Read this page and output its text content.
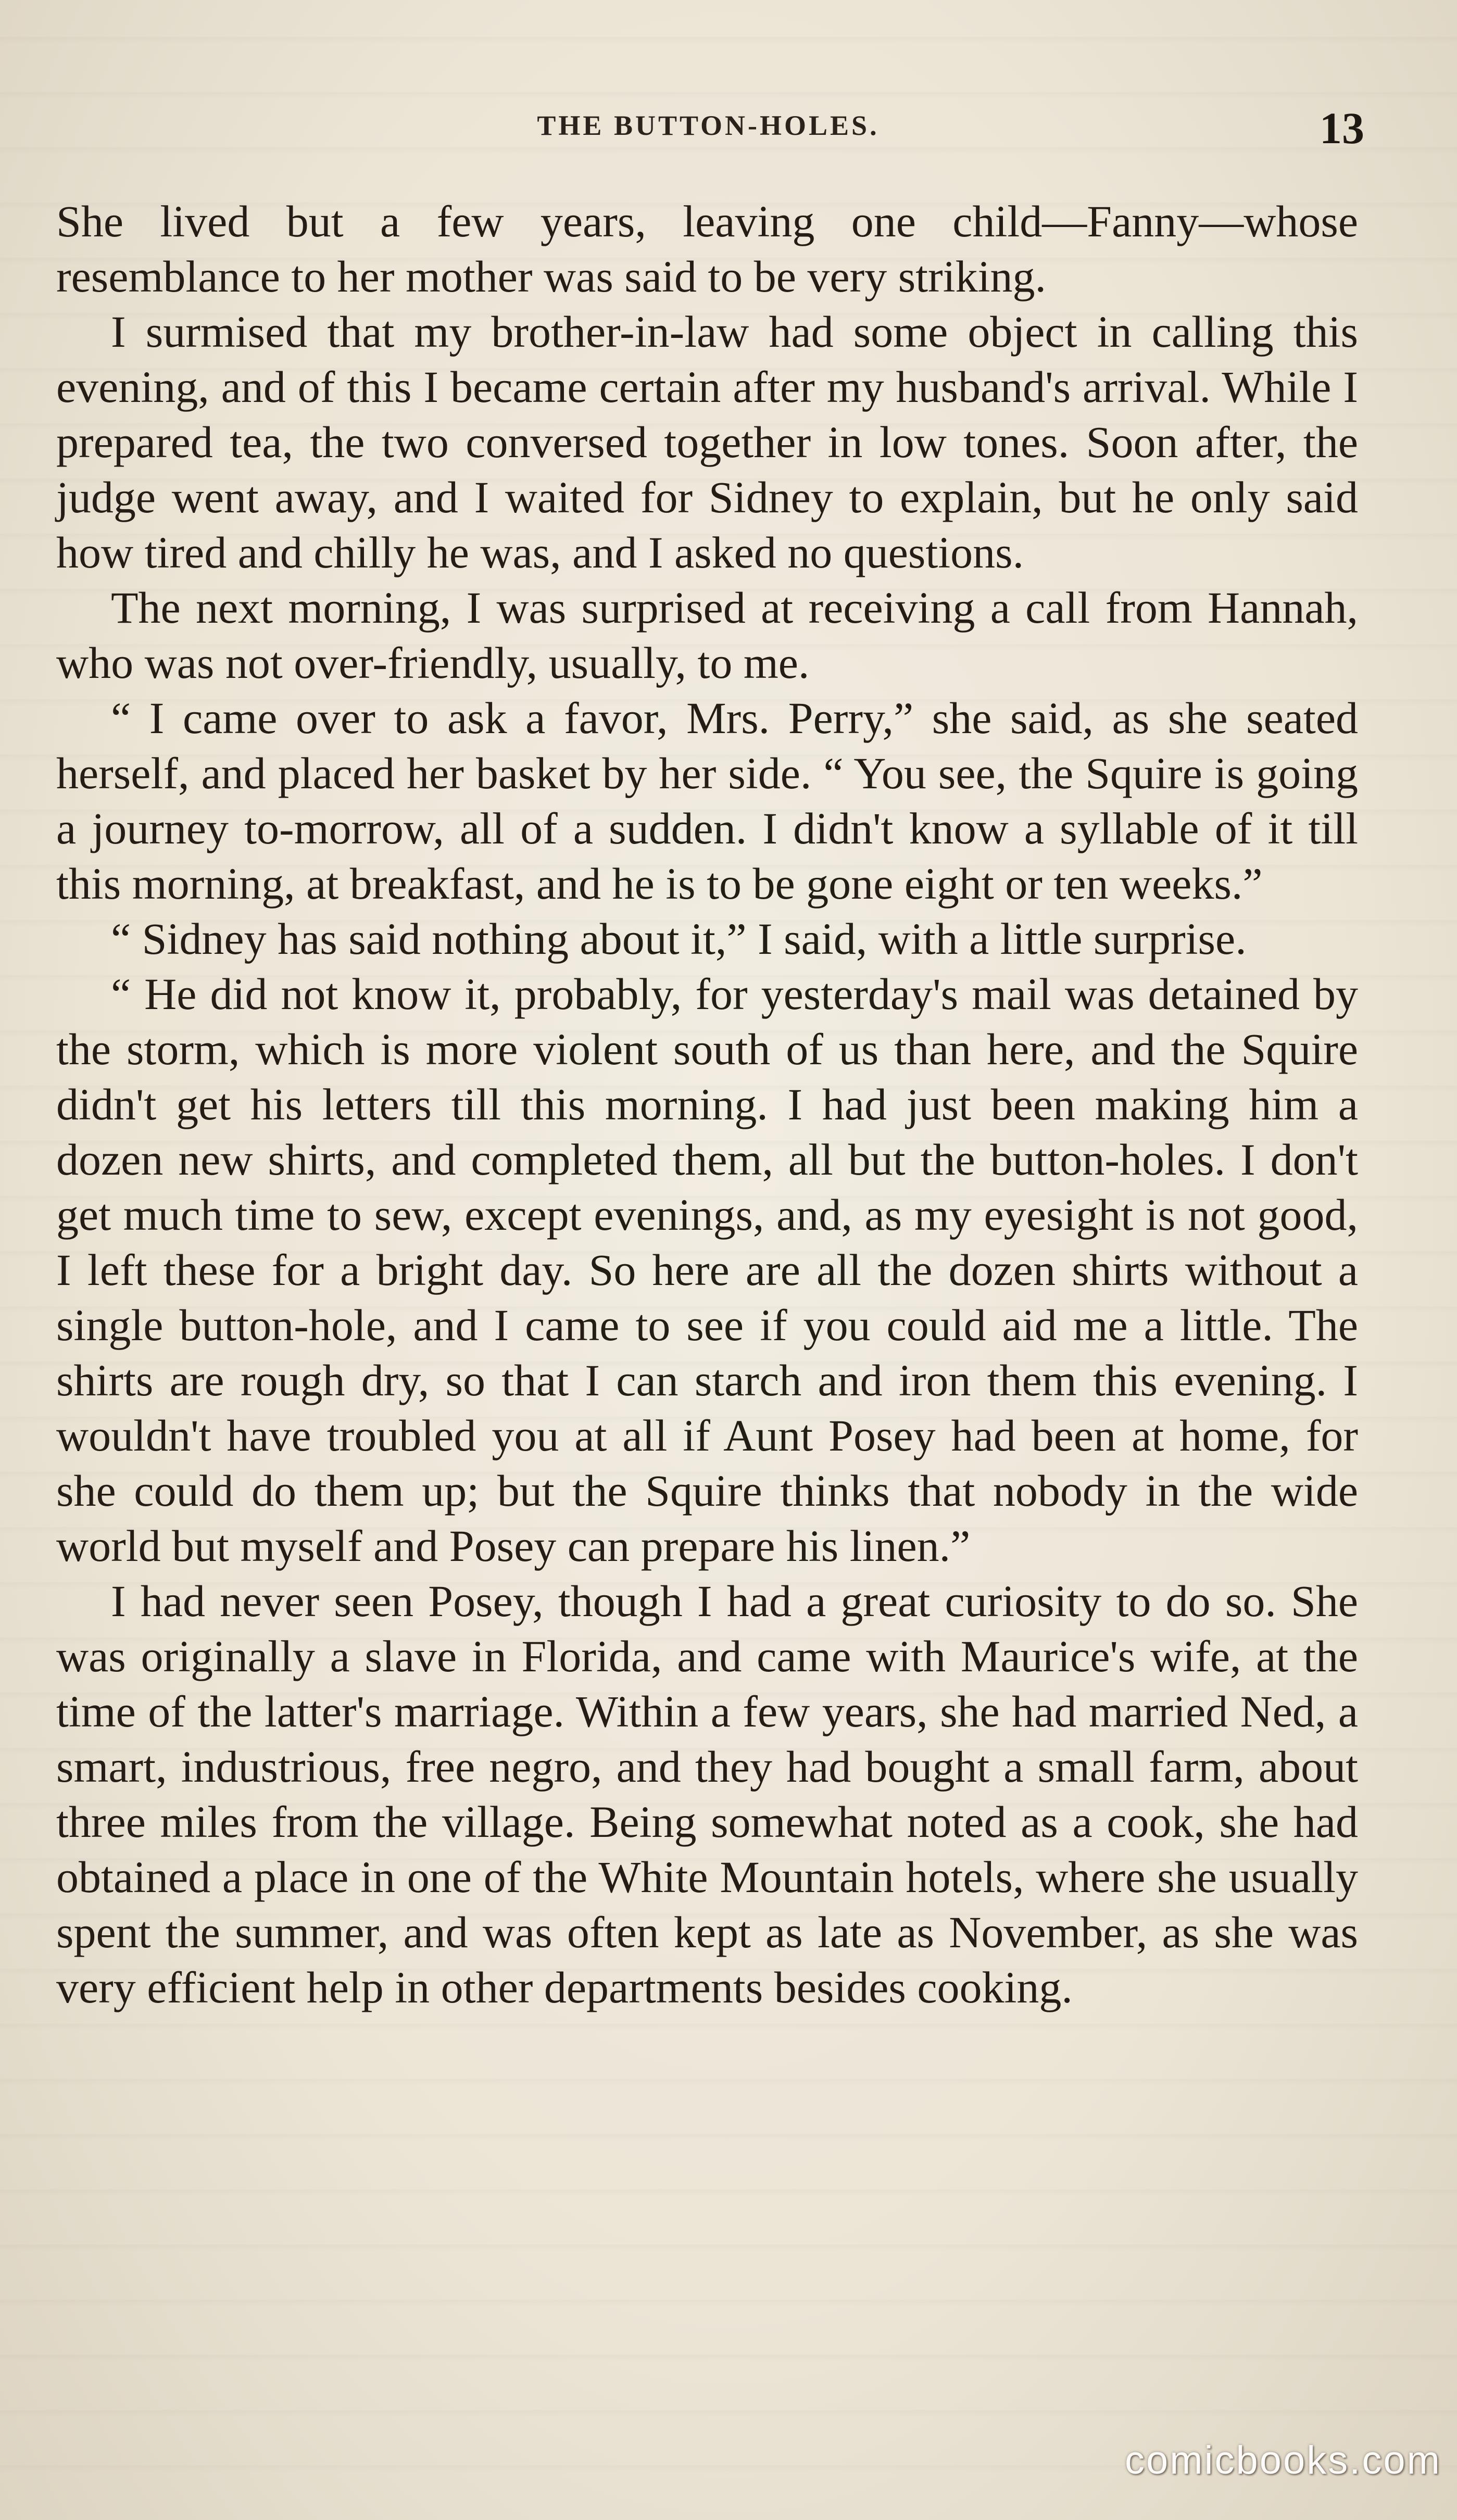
THE BUTTON-HOLES.	13

She lived but a few years, leaving one child—Fanny—whose resemblance to her mother was said to be very striking.

I surmised that my brother-in-law had some object in calling this evening, and of this I became certain after my husband's arrival. While I prepared tea, the two conversed together in low tones. Soon after, the judge went away, and I waited for Sidney to explain, but he only said how tired and chilly he was, and I asked no questions.

The next morning, I was surprised at receiving a call from Hannah, who was not over-friendly, usually, to me.

“ I came over to ask a favor, Mrs. Perry,” she said, as she seated herself, and placed her basket by her side. “ You see, the Squire is going a journey to-morrow, all of a sudden. I didn't know a syllable of it till this morning, at breakfast, and he is to be gone eight or ten weeks.”

“ Sidney has said nothing about it,” I said, with a little surprise.

“ He did not know it, probably, for yesterday's mail was detained by the storm, which is more violent south of us than here, and the Squire didn't get his letters till this morning. I had just been making him a dozen new shirts, and completed them, all but the button-holes. I don't get much time to sew, except evenings, and, as my eyesight is not good, I left these for a bright day. So here are all the dozen shirts without a single button-hole, and I came to see if you could aid me a little. The shirts are rough dry, so that I can starch and iron them this evening. I wouldn't have troubled you at all if Aunt Posey had been at home, for she could do them up; but the Squire thinks that nobody in the wide world but myself and Posey can prepare his linen.”

I had never seen Posey, though I had a great curiosity to do so. She was originally a slave in Florida, and came with Maurice's wife, at the time of the latter's marriage. Within a few years, she had married Ned, a smart, industrious, free negro, and they had bought a small farm, about three miles from the village. Being somewhat noted as a cook, she had obtained a place in one of the White Mountain hotels, where she usually spent the summer, and was often kept as late as November, as she was very efficient help in other departments besides cooking.

comicbooks.com
